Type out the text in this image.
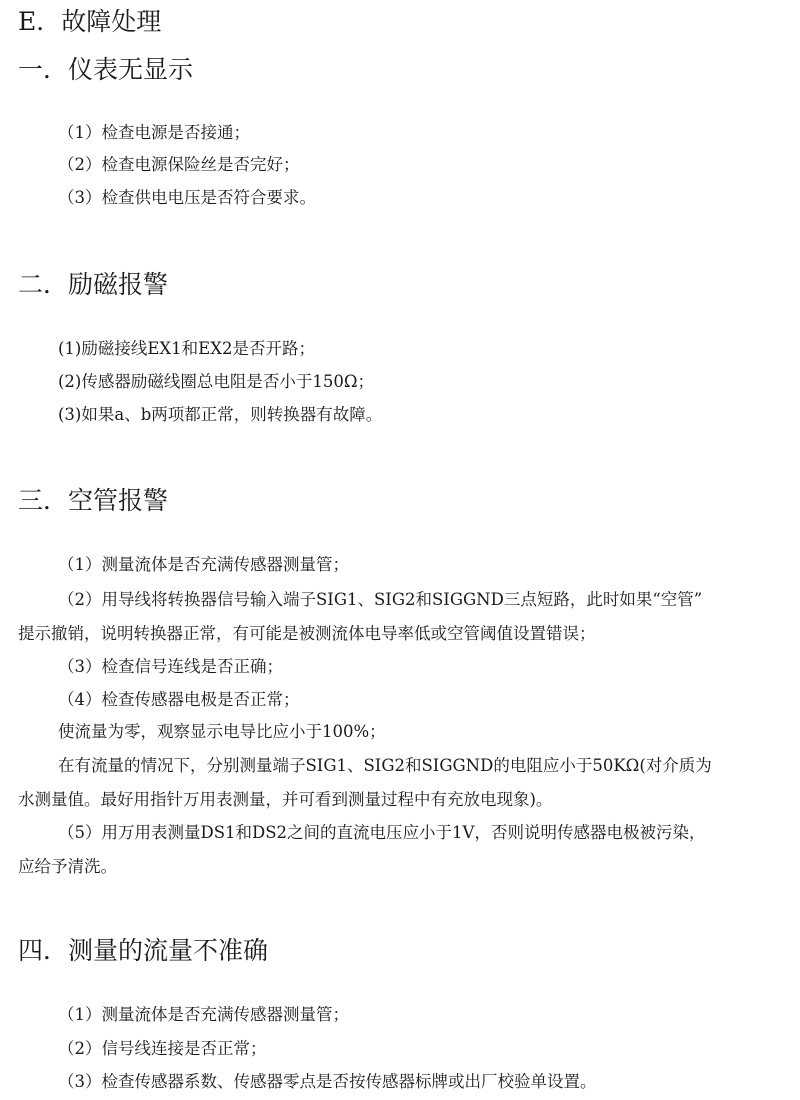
E．故障处理
一．仪表无显示

（1）检查电源是否接通；

（2）检查电源保险丝是否完好；

（3）检查供电电压是否符合要求。

二．励磁报警

(1)励磁接线EX1和EX2是否开路；

(2)传感器励磁线圈总电阻是否小于150Ω；

(3)如果a、b两项都正常，则转换器有故障。

三．空管报警

（1）测量流体是否充满传感器测量管；

（2）用导线将转换器信号输入端子SIG1、SIG2和SIGGND三点短路，此时如果“空管”

提示撤销，说明转换器正常，有可能是被测流体电导率低或空管阈值设置错误；

（3）检查信号连线是否正确；

（4）检查传感器电极是否正常；

使流量为零，观察显示电导比应小于100%；

在有流量的情况下，分别测量端子SIG1、SIG2和SIGGND的电阻应小于50KΩ(对介质为

水测量值。最好用指针万用表测量，并可看到测量过程中有充放电现象)。

（5）用万用表测量DS1和DS2之间的直流电压应小于1V，否则说明传感器电极被污染，

应给予清洗。

四．测量的流量不准确

（1）测量流体是否充满传感器测量管；

（2）信号线连接是否正常；

（3）检查传感器系数、传感器零点是否按传感器标牌或出厂校验单设置。
